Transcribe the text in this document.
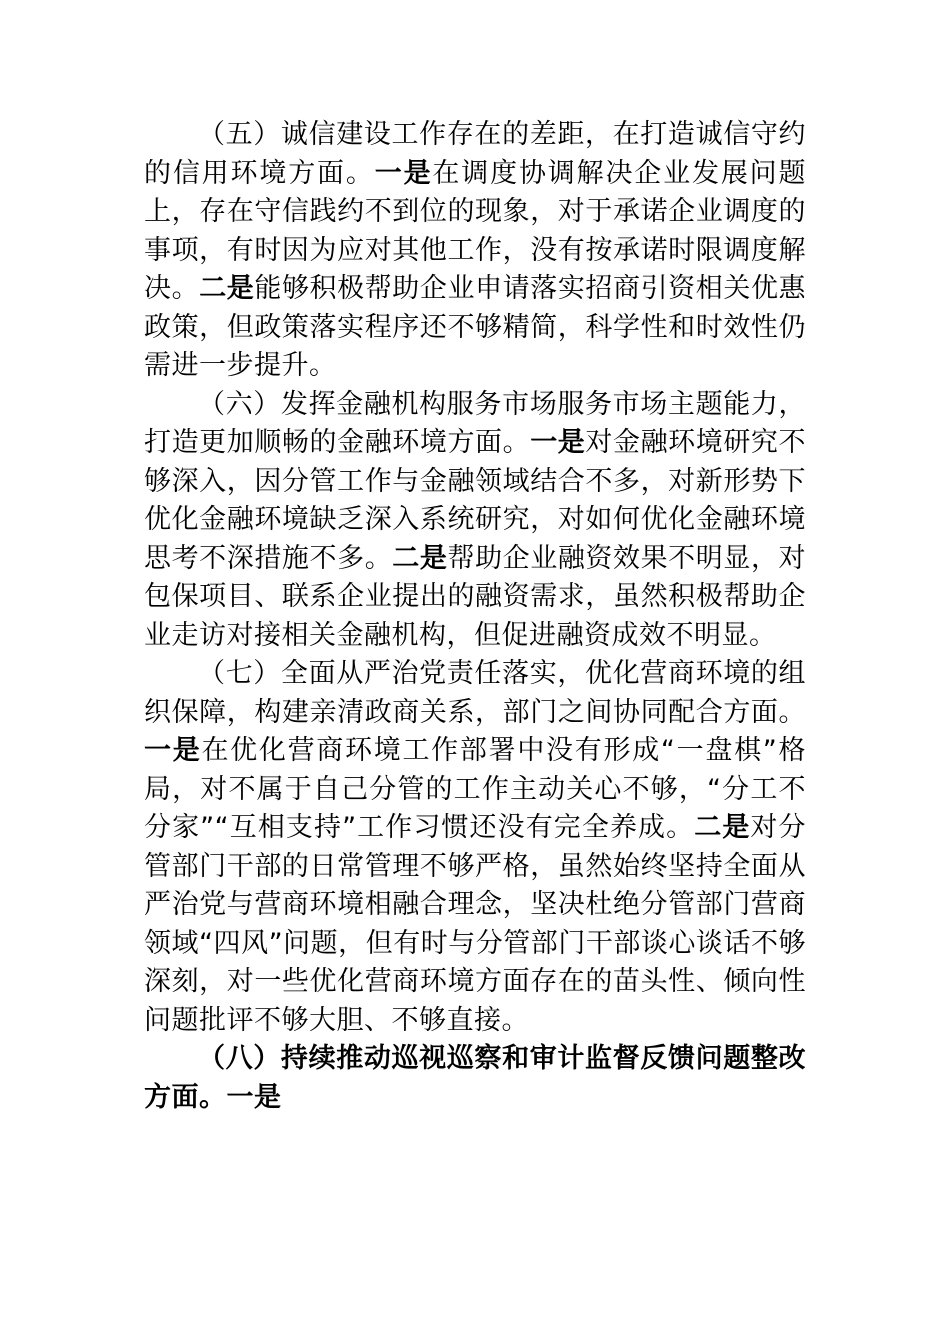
（五）诚信建设工作存在的差距，在打造诚信守约的信用环境方面。一是在调度协调解决企业发展问题上，存在守信践约不到位的现象，对于承诺企业调度的事项，有时因为应对其他工作，没有按承诺时限调度解决。二是能够积极帮助企业申请落实招商引资相关优惠政策，但政策落实程序还不够精简，科学性和时效性仍需进一步提升。

（六）发挥金融机构服务市场服务市场主题能力，打造更加顺畅的金融环境方面。一是对金融环境研究不够深入，因分管工作与金融领域结合不多，对新形势下优化金融环境缺乏深入系统研究，对如何优化金融环境思考不深措施不多。二是帮助企业融资效果不明显，对包保项目、联系企业提出的融资需求，虽然积极帮助企业走访对接相关金融机构，但促进融资成效不明显。

（七）全面从严治党责任落实，优化营商环境的组织保障，构建亲清政商关系，部门之间协同配合方面。一是在优化营商环境工作部署中没有形成“一盘棋”格局，对不属于自己分管的工作主动关心不够，“分工不分家”“互相支持”工作习惯还没有完全养成。二是对分管部门干部的日常管理不够严格，虽然始终坚持全面从严治党与营商环境相融合理念，坚决杜绝分管部门营商领域“四风”问题，但有时与分管部门干部谈心谈话不够深刻，对一些优化营商环境方面存在的苗头性、倾向性问题批评不够大胆、不够直接。

（八）持续推动巡视巡察和审计监督反馈问题整改方面。一是
